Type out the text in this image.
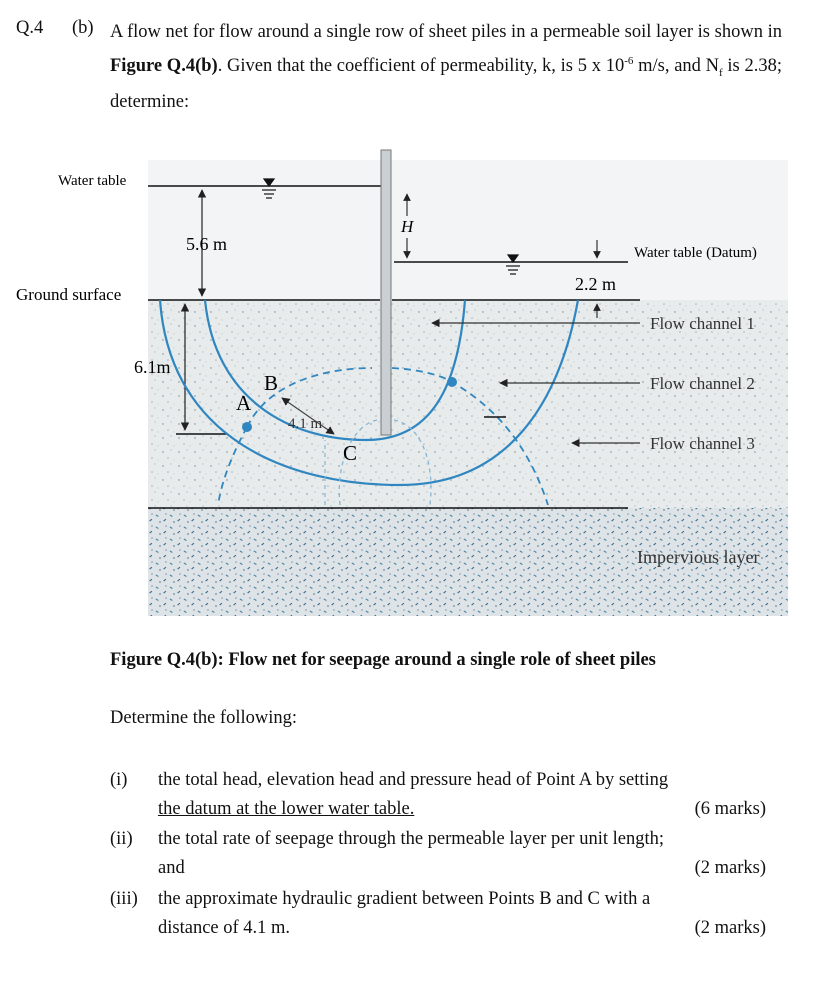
Q.4 (b) A flow net for flow around a single row of sheet piles in a permeable soil layer is shown in Figure Q.4(b). Given that the coefficient of permeability, k, is 5 x $10^{-6}$ m/s, and $N_f$ is 2.38; determine:
Water table
5.6 m
Ground surface
6.1m
H
Water table (Datum)
2.2 m
Flow channel 1
Flow channel 2
Flow channel 3
Impervious layer
A
B
C
4.1 m
Figure Q.4(b): Flow net for seepage around a single role of sheet piles
Determine the following:
(i) the total head, elevation head and pressure head of Point A by setting
the datum at the lower water table.	(6 marks)
(ii) the total rate of seepage through the permeable layer per unit length;
and	(2 marks)
(iii) the approximate hydraulic gradient between Points B and C with a
distance of 4.1 m.	(2 marks)
